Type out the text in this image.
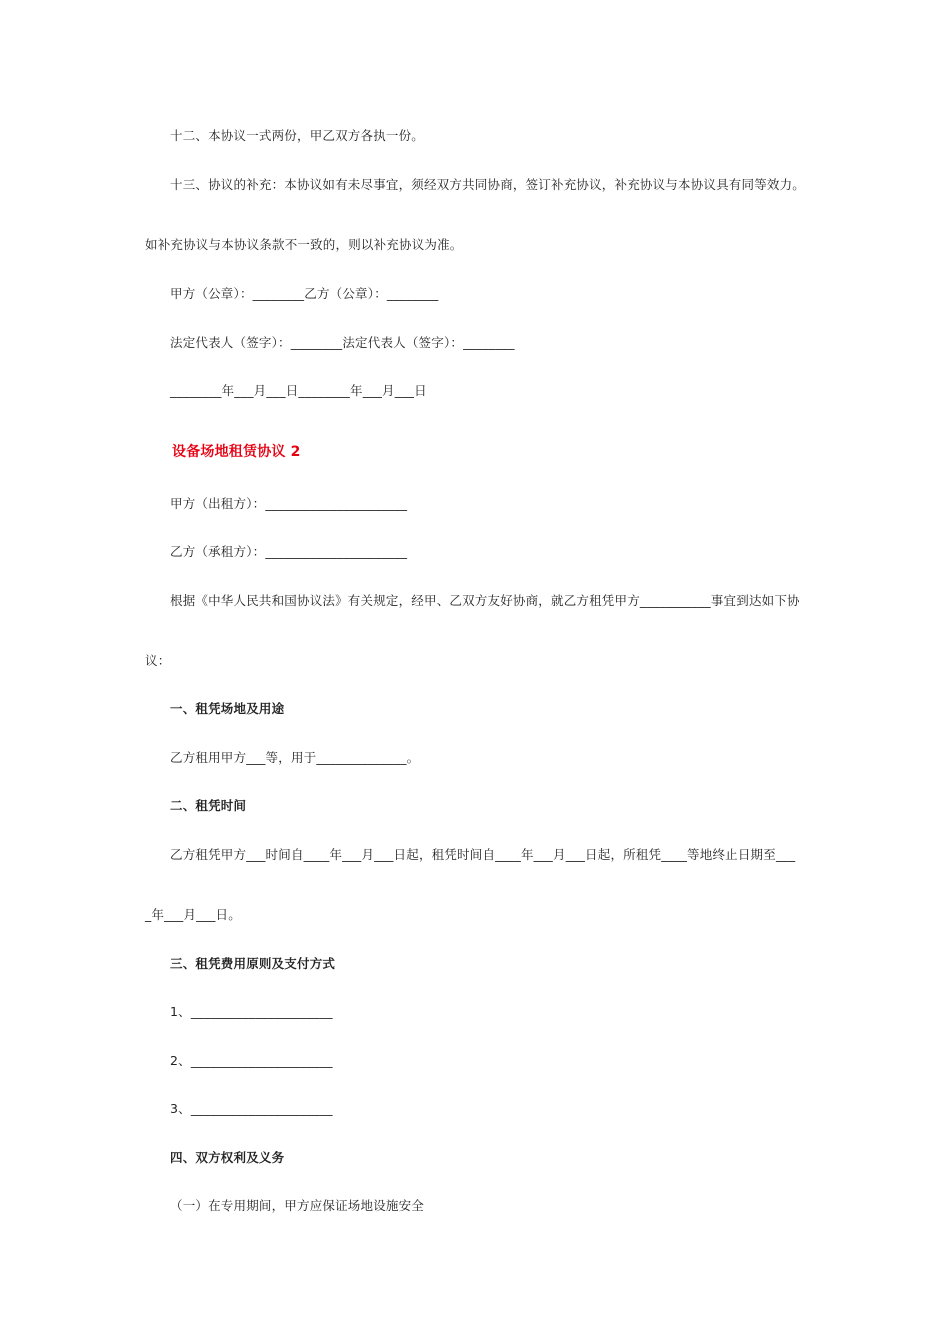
十二、本协议一式两份，甲乙双方各执一份。
十三、协议的补充：本协议如有未尽事宜，须经双方共同协商，签订补充协议，补充协议与本协议具有同等效力。
如补充协议与本协议条款不一致的，则以补充协议为准。
甲方（公章）：________乙方（公章）：________
法定代表人（签字）：________法定代表人（签字）：________
________年___月___日________年___月___日
设备场地租赁协议 2
甲方（出租方）：______________________
乙方（承租方）：______________________
根据《中华人民共和国协议法》有关规定，经甲、乙双方友好协商，就乙方租凭甲方___________事宜到达如下协
议：
一、租凭场地及用途
乙方租用甲方___等，用于______________。
二、租凭时间
乙方租凭甲方___时间自____年___月___日起，租凭时间自____年___月___日起，所租凭____等地终止日期至___
_年___月___日。
三、租凭费用原则及支付方式
1、______________________
2、______________________
3、______________________
四、双方权利及义务
（一）在专用期间，甲方应保证场地设施安全
